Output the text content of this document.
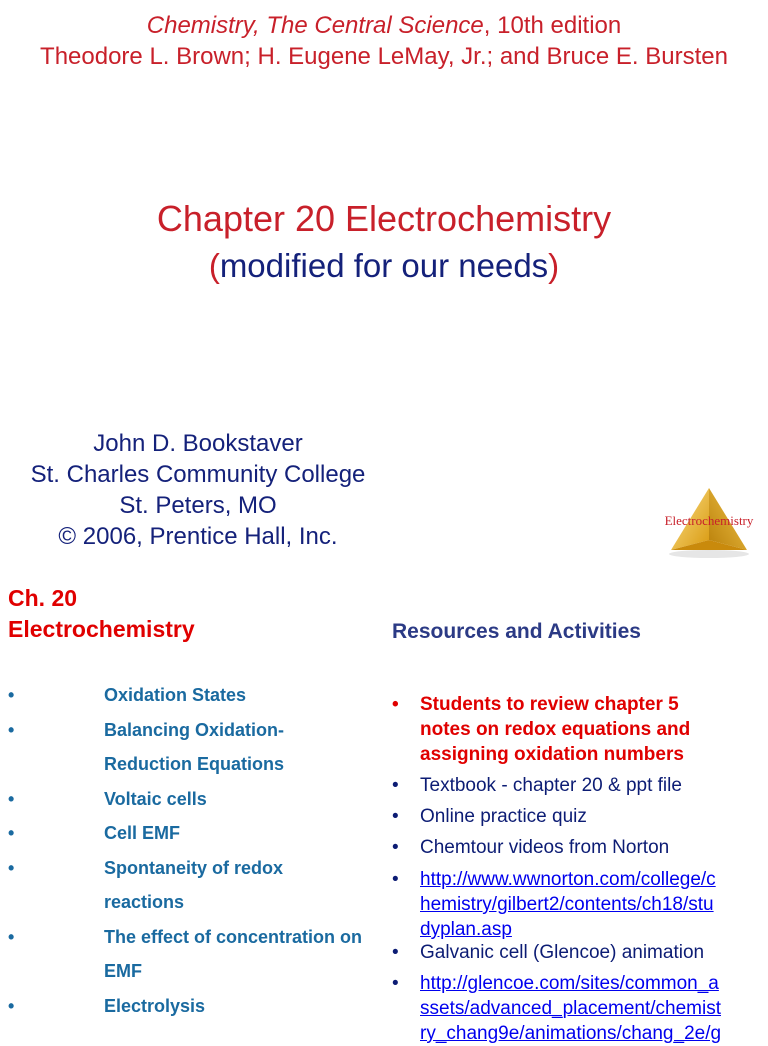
Chemistry, The Central Science, 10th edition
Theodore L. Brown; H. Eugene LeMay, Jr.; and Bruce E. Bursten
Chapter 20 Electrochemistry
(modified for our needs)
John D. Bookstaver
St. Charles Community College
St. Peters, MO
© 2006, Prentice Hall, Inc.
Electrochemistry
Ch. 20
Electrochemistry
•	Oxidation States
•	Balancing Oxidation-
Reduction Equations
•	Voltaic cells
•	Cell EMF
•	Spontaneity of redox
reactions
•	The effect of concentration on
EMF
•	Electrolysis
Resources and Activities
• Students to review chapter 5
notes on redox equations and
assigning oxidation numbers
• Textbook - chapter 20 & ppt file
• Online practice quiz
• Chemtour videos from Norton
• http://www.wwnorton.com/college/c
hemistry/gilbert2/contents/ch18/stu
dyplan.asp
• Galvanic cell (Glencoe) animation
• http://glencoe.com/sites/common_a
ssets/advanced_placement/chemist
ry_chang9e/animations/chang_2e/g
